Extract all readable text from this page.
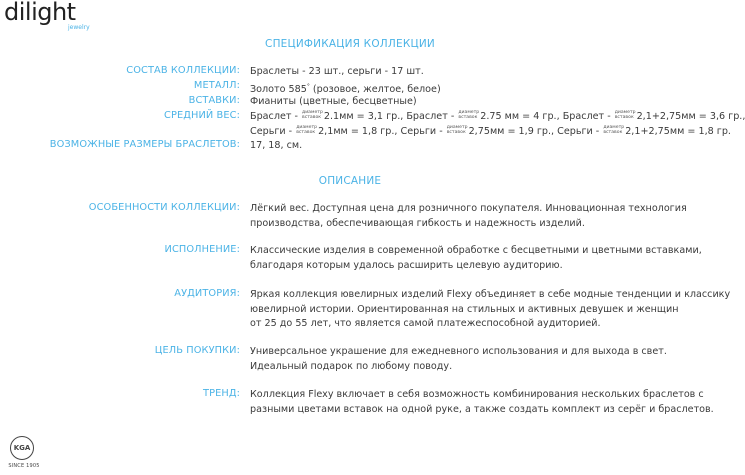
dilight
jewelry
СПЕЦИФИКАЦИЯ КОЛЛЕКЦИИ
СОСТАВ КОЛЛЕКЦИИ: Браслеты - 23 шт., серьги - 17 шт.
МЕТАЛЛ: Золото 585° (розовое, желтое, белое)
ВСТАВКИ: Фианиты (цветные, бесцветные)
СРЕДНИЙ ВЕС: Браслет - диаметр
вставок 2.1мм = 3,1 гр., Браслет - диаметр
вставок 2.75 мм = 4 гр., Браслет - диаметр
вставок 2,1+2,75мм = 3,6 гр.,
Серьги - диаметр
вставок 2,1мм = 1,8 гр., Серьги - диаметр
вставок 2,75мм = 1,9 гр., Серьги - диаметр
вставок 2,1+2,75мм = 1,8 гр.
ВОЗМОЖНЫЕ РАЗМЕРЫ БРАСЛЕТОВ: 17, 18, см.
ОПИСАНИЕ
ОСОБЕННОСТИ КОЛЛЕКЦИИ: Лёгкий вес. Доступная цена для розничного покупателя. Инновационная технология
производства, обеспечивающая гибкость и надежность изделий.
ИСПОЛНЕНИЕ: Классические изделия в современной обработке с бесцветными и цветными вставками,
благодаря которым удалось расширить целевую аудиторию.
АУДИТОРИЯ: Яркая коллекция ювелирных изделий Flexy объединяет в себе модные тенденции и классику
ювелирной истории. Ориентированная на стильных и активных девушек и женщин
от 25 до 55 лет, что является самой платежеспособной аудиторией.
ЦЕЛЬ ПОКУПКИ: Универсальное украшение для ежедневного использования и для выхода в свет.
Идеальный подарок по любому поводу.
ТРЕНД: Коллекция Flexy включает в себя возможность комбинирования нескольких браслетов с
разными цветами вставок на одной руке, а также создать комплект из серёг и браслетов.
KGA
SINCE 1905
